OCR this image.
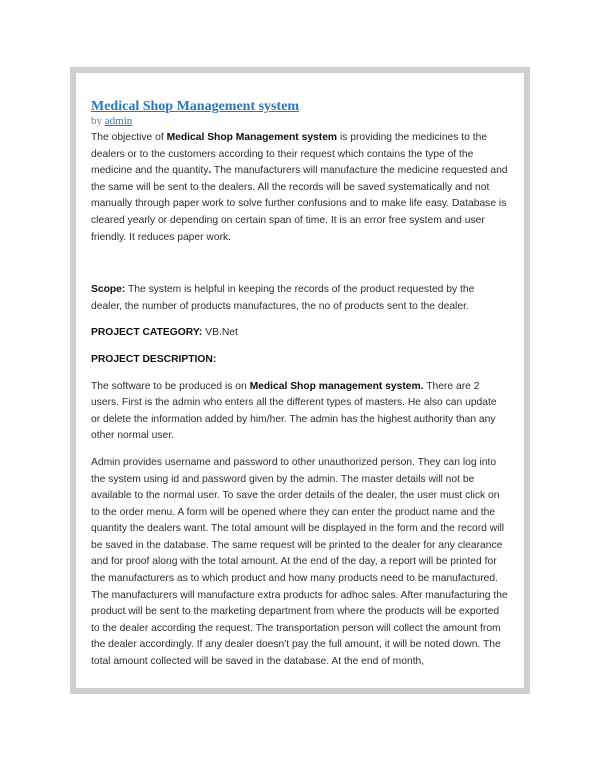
Medical Shop Management system
by admin

The objective of Medical Shop Management system is providing the medicines to the dealers or to the customers according to their request which contains the type of the medicine and the quantity. The manufacturers will manufacture the medicine requested and the same will be sent to the dealers. All the records will be saved systematically and not manually through paper work to solve further confusions and to make life easy. Database is cleared yearly or depending on certain span of time. It is an error free system and user friendly. It reduces paper work.

Scope: The system is helpful in keeping the records of the product requested by the dealer, the number of products manufactures, the no of products sent to the dealer.

PROJECT CATEGORY: VB.Net

PROJECT DESCRIPTION:

The software to be produced is on Medical Shop management system. There are 2 users. First is the admin who enters all the different types of masters. He also can update or delete the information added by him/her. The admin has the highest authority than any other normal user.

Admin provides username and password to other unauthorized person. They can log into the system using id and password given by the admin. The master details will not be available to the normal user. To save the order details of the dealer, the user must click on to the order menu. A form will be opened where they can enter the product name and the quantity the dealers want. The total amount will be displayed in the form and the record will be saved in the database. The same request will be printed to the dealer for any clearance and for proof along with the total amount. At the end of the day, a report will be printed for the manufacturers as to which product and how many products need to be manufactured. The manufacturers will manufacture extra products for adhoc sales. After manufacturing the product will be sent to the marketing department from where the products will be exported to the dealer according the request. The transportation person will collect the amount from the dealer accordingly. If any dealer doesn't pay the full amount, it will be noted down. The total amount collected will be saved in the database. At the end of month,
